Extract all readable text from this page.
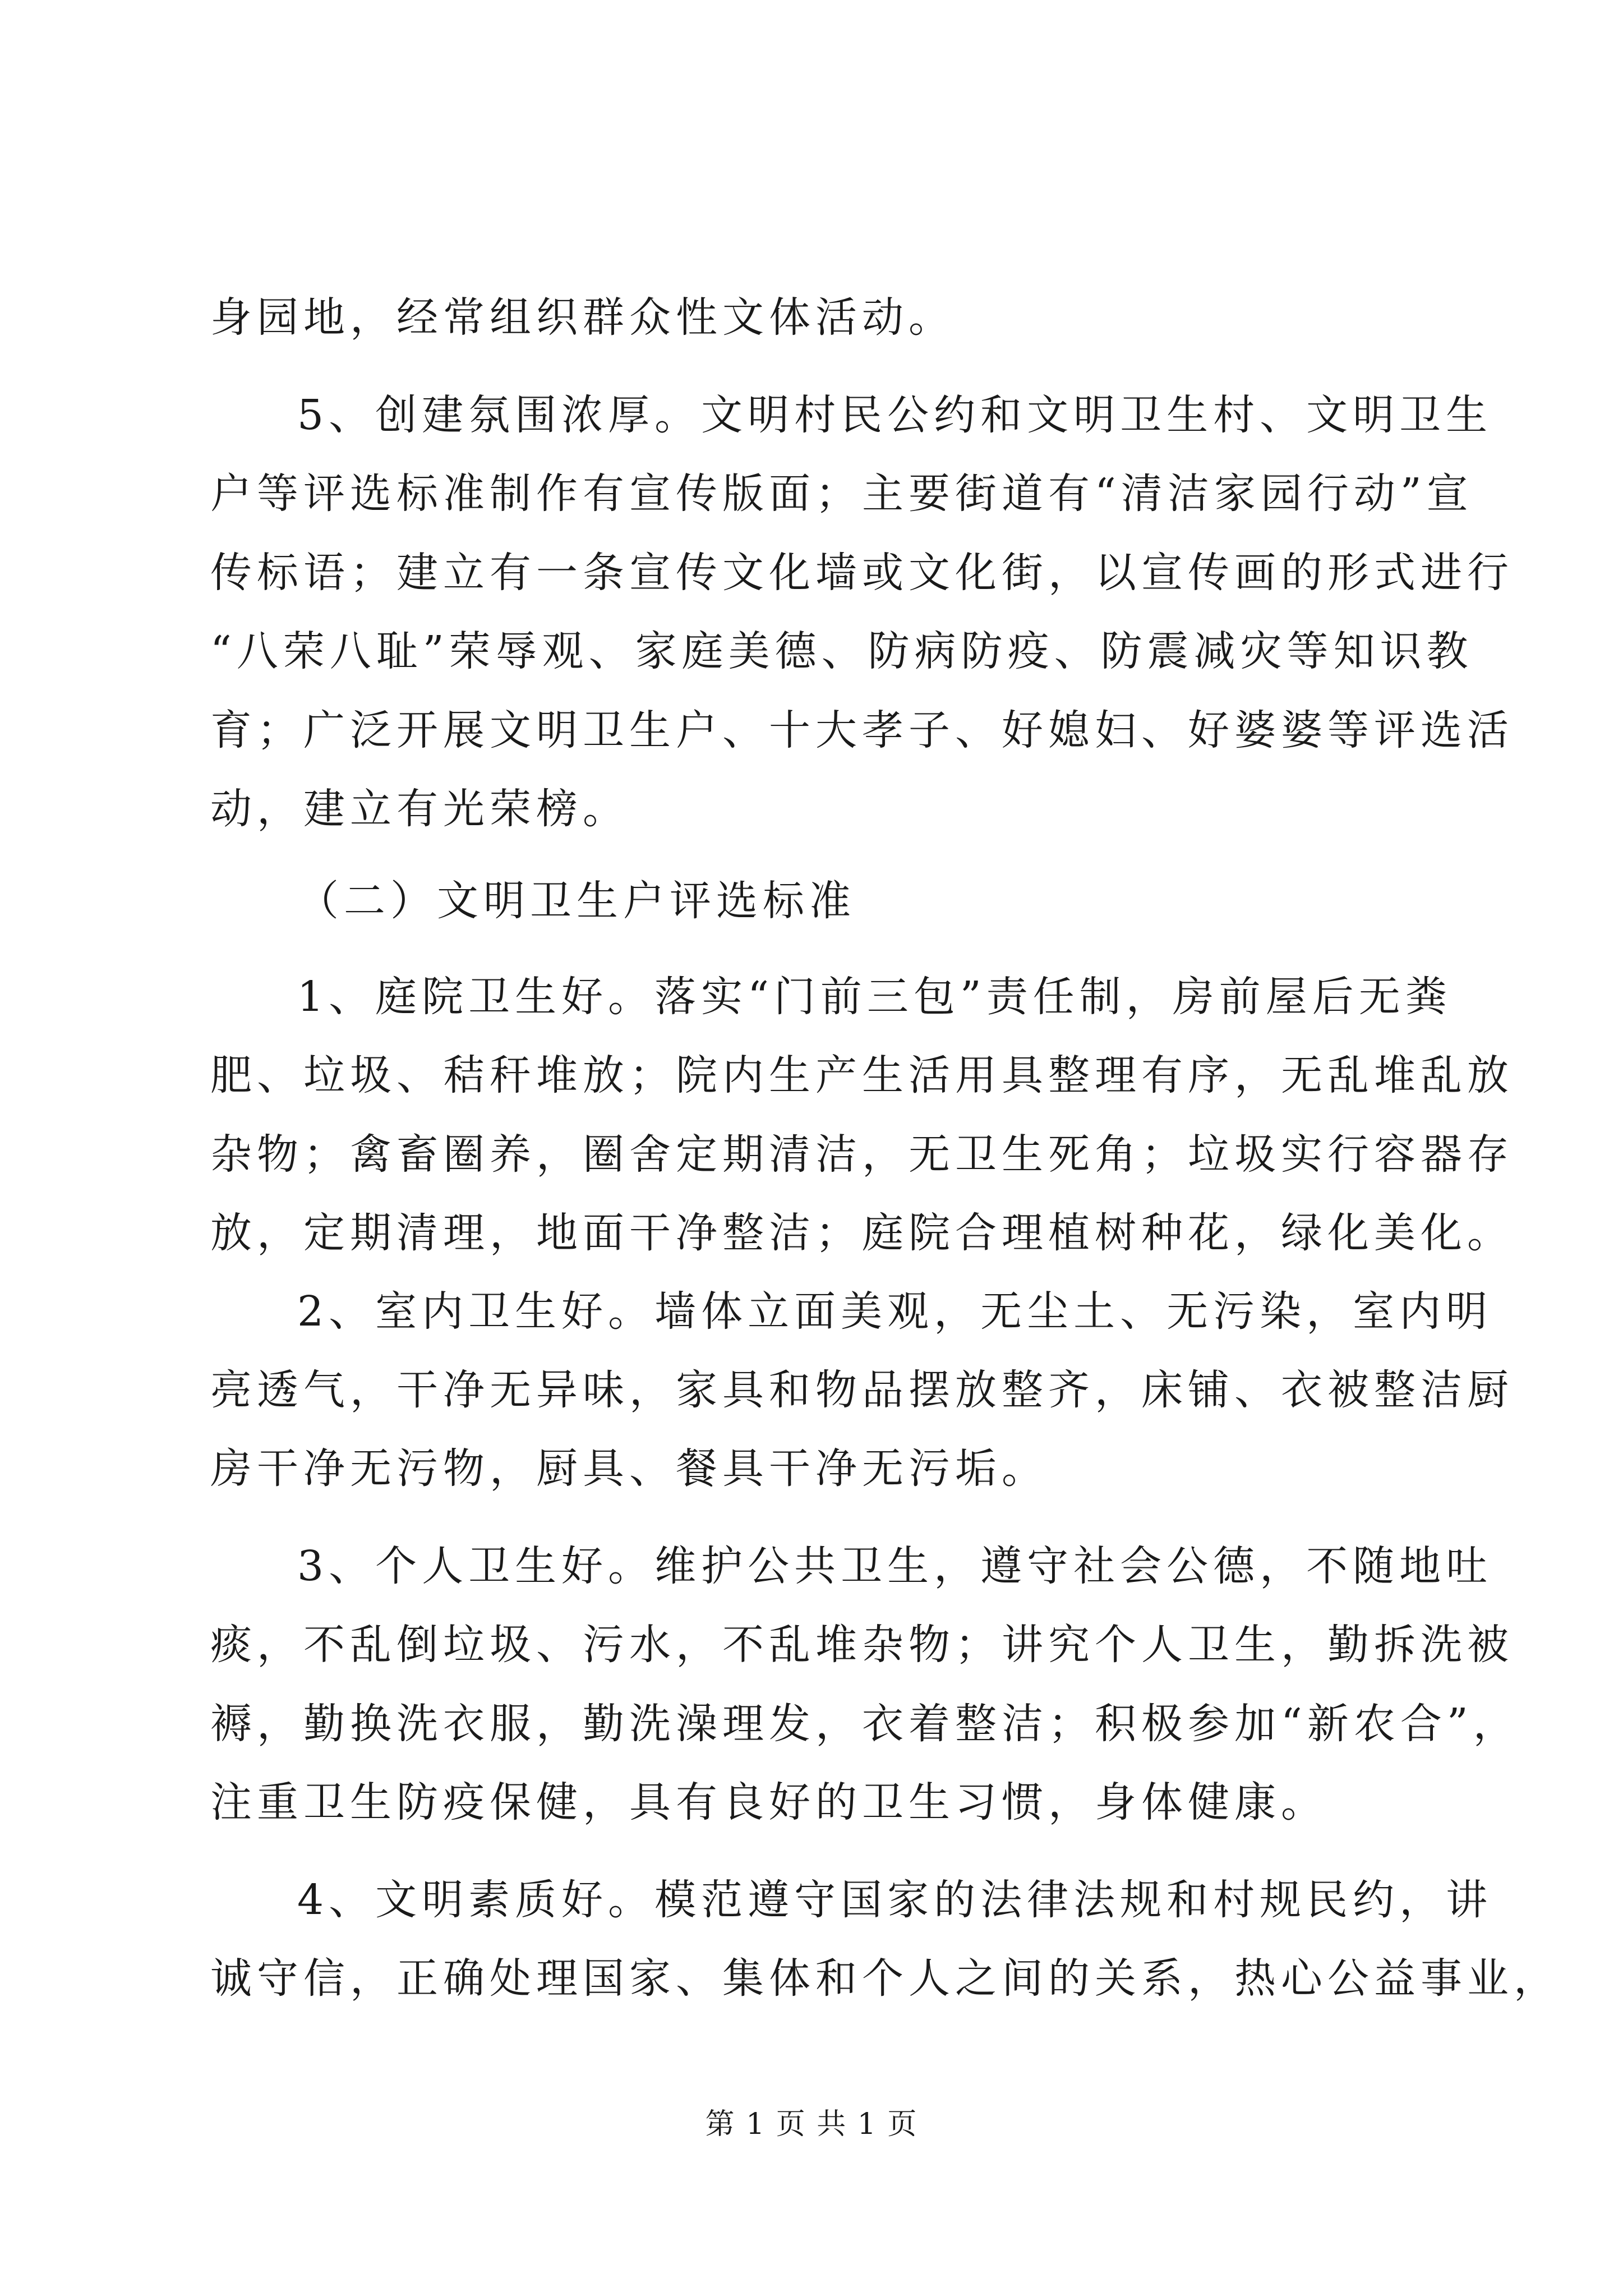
身园地，经常组织群众性文体活动。
5、创建氛围浓厚。文明村民公约和文明卫生村、文明卫生
户等评选标准制作有宣传版面；主要街道有“清洁家园行动”宣
传标语；建立有一条宣传文化墙或文化街，以宣传画的形式进行
“八荣八耻”荣辱观、家庭美德、防病防疫、防震减灾等知识教
育；广泛开展文明卫生户、十大孝子、好媳妇、好婆婆等评选活
动，建立有光荣榜。
（二）文明卫生户评选标准
1、庭院卫生好。落实“门前三包”责任制，房前屋后无粪
肥、垃圾、秸秆堆放；院内生产生活用具整理有序，无乱堆乱放
杂物；禽畜圈养，圈舍定期清洁，无卫生死角；垃圾实行容器存
放，定期清理，地面干净整洁；庭院合理植树种花，绿化美化。
2、室内卫生好。墙体立面美观，无尘土、无污染，室内明
亮透气，干净无异味，家具和物品摆放整齐，床铺、衣被整洁厨
房干净无污物，厨具、餐具干净无污垢。
3、个人卫生好。维护公共卫生，遵守社会公德，不随地吐
痰，不乱倒垃圾、污水，不乱堆杂物；讲究个人卫生，勤拆洗被
褥，勤换洗衣服，勤洗澡理发，衣着整洁；积极参加“新农合”，
注重卫生防疫保健，具有良好的卫生习惯，身体健康。
4、文明素质好。模范遵守国家的法律法规和村规民约，讲
诚守信，正确处理国家、集体和个人之间的关系，热心公益事业，
第 1 页 共 1 页
